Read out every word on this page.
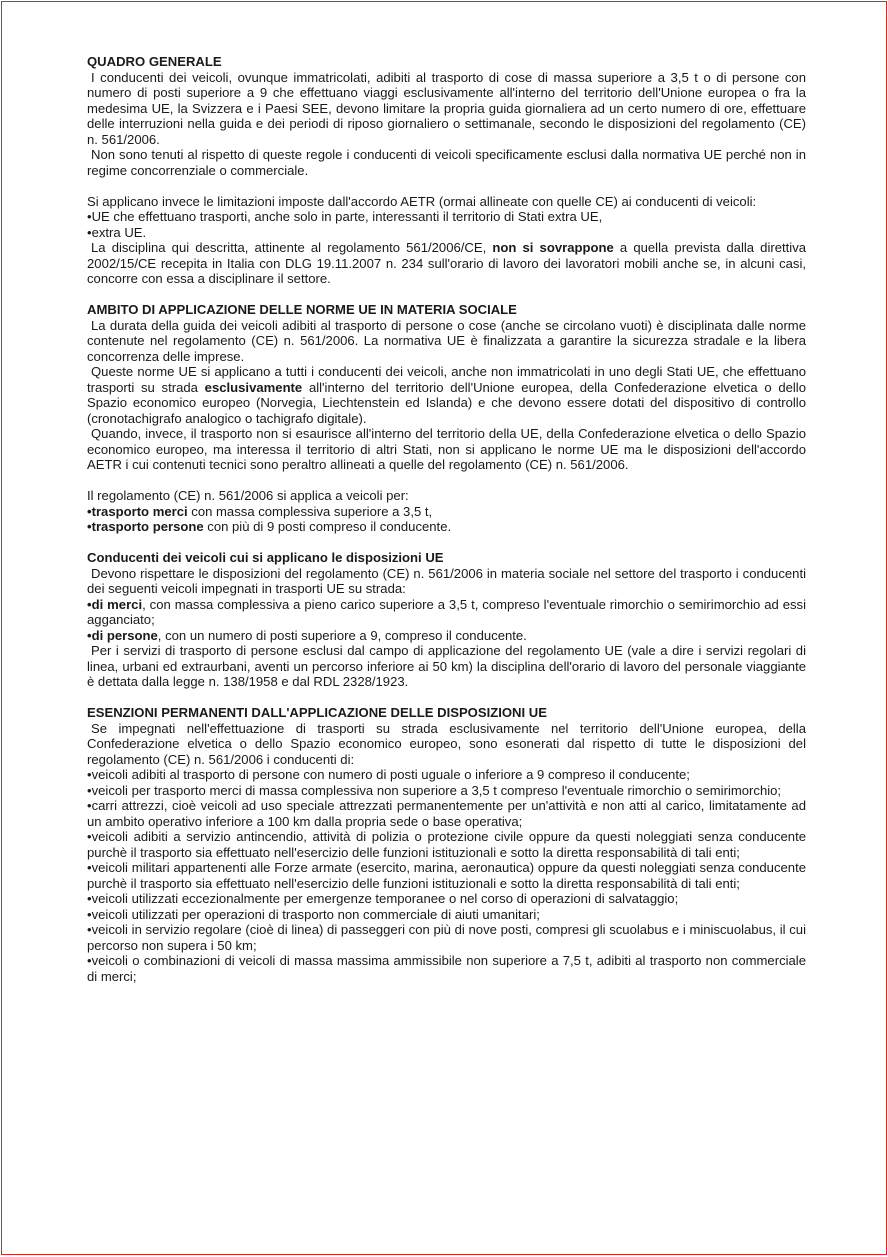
QUADRO GENERALE

I conducenti dei veicoli, ovunque immatricolati, adibiti al trasporto di cose di massa superiore a 3,5 t o di persone con numero di posti superiore a 9 che effettuano viaggi esclusivamente all'interno del territorio dell'Unione europea o fra la medesima UE, la Svizzera e i Paesi SEE, devono limitare la propria guida giornaliera ad un certo numero di ore, effettuare delle interruzioni nella guida e dei periodi di riposo giornaliero o settimanale, secondo le disposizioni del regolamento (CE) n. 561/2006.

Non sono tenuti al rispetto di queste regole i conducenti di veicoli specificamente esclusi dalla normativa UE perché non in regime concorrenziale o commerciale.

Si applicano invece le limitazioni imposte dall'accordo AETR (ormai allineate con quelle CE) ai conducenti di veicoli:

•UE che effettuano trasporti, anche solo in parte, interessanti il territorio di Stati extra UE,

•extra UE.

La disciplina qui descritta, attinente al regolamento 561/2006/CE, non si sovrappone a quella prevista dalla direttiva 2002/15/CE recepita in Italia con DLG 19.11.2007 n. 234 sull'orario di lavoro dei lavoratori mobili anche se, in alcuni casi, concorre con essa a disciplinare il settore.

AMBITO DI APPLICAZIONE DELLE NORME UE IN MATERIA SOCIALE

La durata della guida dei veicoli adibiti al trasporto di persone o cose (anche se circolano vuoti) è disciplinata dalle norme contenute nel regolamento (CE) n. 561/2006. La normativa UE è finalizzata a garantire la sicurezza stradale e la libera concorrenza delle imprese.

Queste norme UE si applicano a tutti i conducenti dei veicoli, anche non immatricolati in uno degli Stati UE, che effettuano trasporti su strada esclusivamente all'interno del territorio dell'Unione europea, della Confederazione elvetica o dello Spazio economico europeo (Norvegia, Liechtenstein ed Islanda) e che devono essere dotati del dispositivo di controllo (cronotachigrafo analogico o tachigrafo digitale).

Quando, invece, il trasporto non si esaurisce all'interno del territorio della UE, della Confederazione elvetica o dello Spazio economico europeo, ma interessa il territorio di altri Stati, non si applicano le norme UE ma le disposizioni dell'accordo AETR i cui contenuti tecnici sono peraltro allineati a quelle del regolamento (CE) n. 561/2006.

Il regolamento (CE) n. 561/2006 si applica a veicoli per:

•trasporto merci con massa complessiva superiore a 3,5 t,

•trasporto persone con più di 9 posti compreso il conducente.

Conducenti dei veicoli cui si applicano le disposizioni UE

Devono rispettare le disposizioni del regolamento (CE) n. 561/2006 in materia sociale nel settore del trasporto i conducenti dei seguenti veicoli impegnati in trasporti UE su strada:

•di merci, con massa complessiva a pieno carico superiore a 3,5 t, compreso l'eventuale rimorchio o semirimorchio ad essi agganciato;

•di persone, con un numero di posti superiore a 9, compreso il conducente.

Per i servizi di trasporto di persone esclusi dal campo di applicazione del regolamento UE (vale a dire i servizi regolari di linea, urbani ed extraurbani, aventi un percorso inferiore ai 50 km) la disciplina dell'orario di lavoro del personale viaggiante è dettata dalla legge n. 138/1958 e dal RDL 2328/1923.

ESENZIONI PERMANENTI DALL'APPLICAZIONE DELLE DISPOSIZIONI UE

Se impegnati nell'effettuazione di trasporti su strada esclusivamente nel territorio dell'Unione europea, della Confederazione elvetica o dello Spazio economico europeo, sono esonerati dal rispetto di tutte le disposizioni del regolamento (CE) n. 561/2006 i conducenti di:

•veicoli adibiti al trasporto di persone con numero di posti uguale o inferiore a 9 compreso il conducente;

•veicoli per trasporto merci di massa complessiva non superiore a 3,5 t compreso l'eventuale rimorchio o semirimorchio;

•carri attrezzi, cioè veicoli ad uso speciale attrezzati permanentemente per un'attività e non atti al carico, limitatamente ad un ambito operativo inferiore a 100 km dalla propria sede o base operativa;

•veicoli adibiti a servizio antincendio, attività di polizia o protezione civile oppure da questi noleggiati senza conducente purchè il trasporto sia effettuato nell'esercizio delle funzioni istituzionali e sotto la diretta responsabilità di tali enti;

•veicoli militari appartenenti alle Forze armate (esercito, marina, aeronautica) oppure da questi noleggiati senza conducente purchè il trasporto sia effettuato nell'esercizio delle funzioni istituzionali e sotto la diretta responsabilità di tali enti;

•veicoli utilizzati eccezionalmente per emergenze temporanee o nel corso di operazioni di salvataggio;

•veicoli utilizzati per operazioni di trasporto non commerciale di aiuti umanitari;

•veicoli in servizio regolare (cioè di linea) di passeggeri con più di nove posti, compresi gli scuolabus e i miniscuolabus, il cui percorso non supera i 50 km;

•veicoli o combinazioni di veicoli di massa massima ammissibile non superiore a 7,5 t, adibiti al trasporto non commerciale di merci;
